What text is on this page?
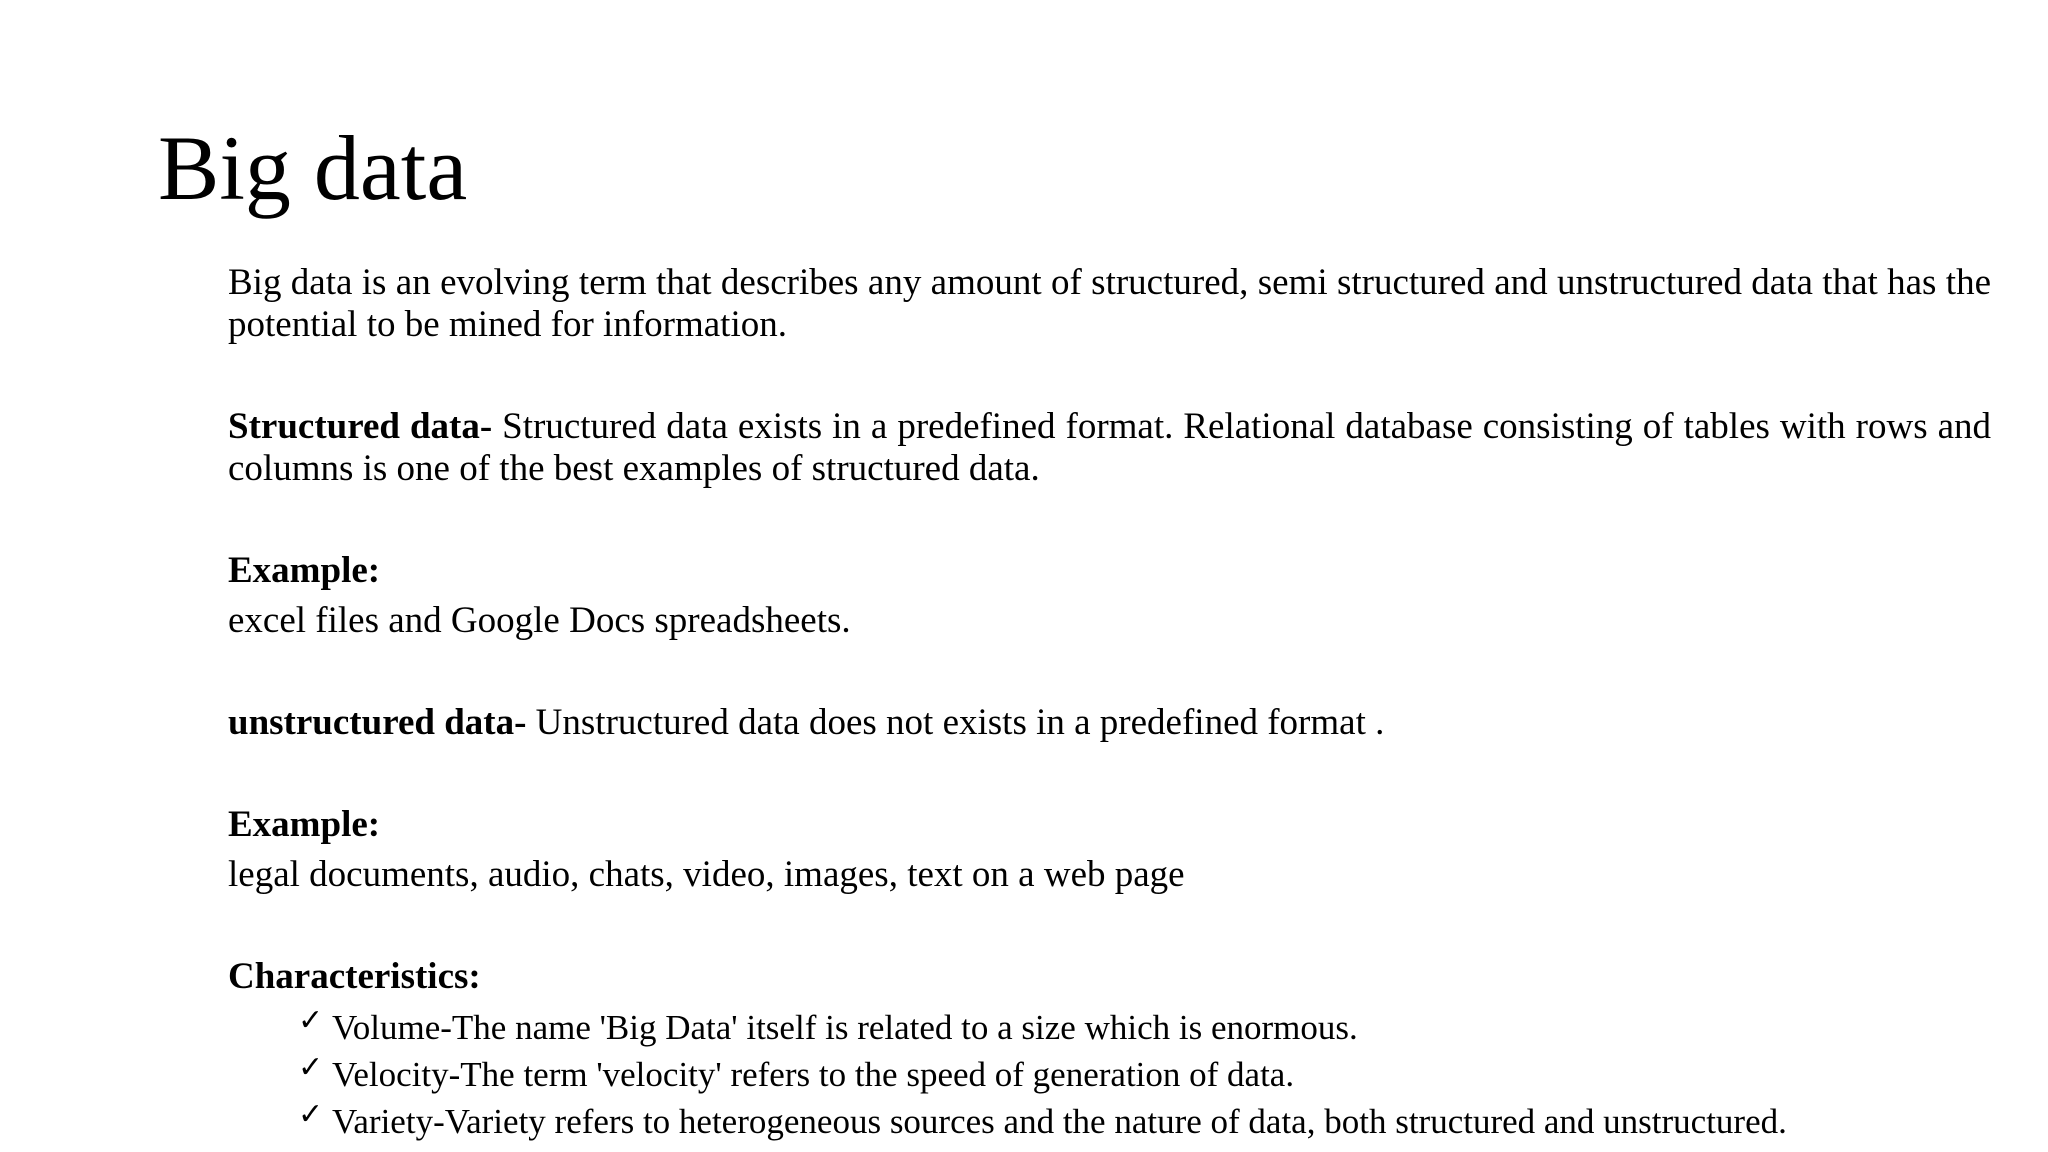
Big data

Big data is an evolving term that describes any amount of structured, semi structured and unstructured data that has the potential to be mined for information.

Structured data- Structured data exists in a predefined format. Relational database consisting of tables with rows and columns is one of the best examples of structured data.

Example:

excel files and Google Docs spreadsheets.

unstructured data- Unstructured data does not exists in a predefined format .

Example:

legal documents, audio, chats, video, images, text on a web page

Characteristics:

✓ Volume-The name 'Big Data' itself is related to a size which is enormous.
✓ Velocity-The term 'velocity' refers to the speed of generation of data.
✓ Variety-Variety refers to heterogeneous sources and the nature of data, both structured and unstructured.
